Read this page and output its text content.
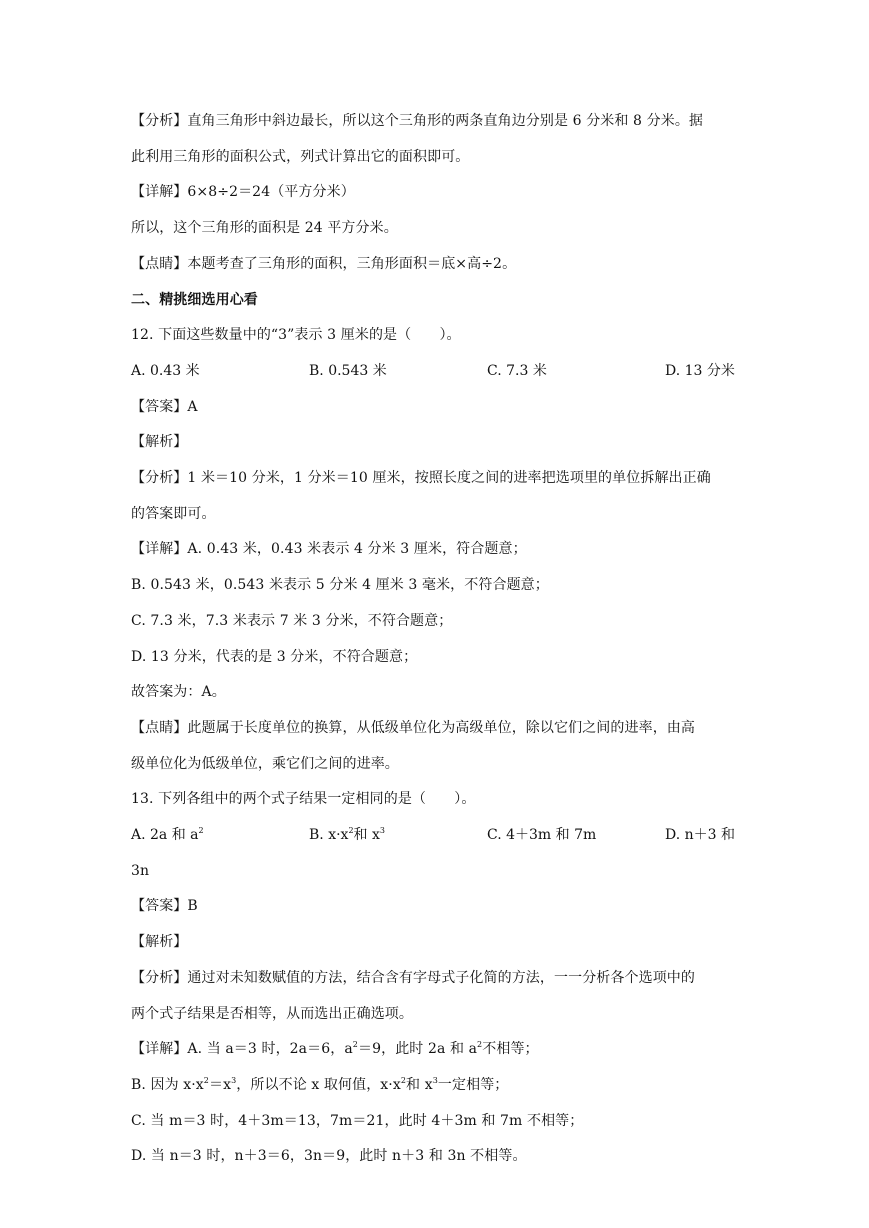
【分析】直角三角形中斜边最长，所以这个三角形的两条直角边分别是 6 分米和 8 分米。据
此利用三角形的面积公式，列式计算出它的面积即可。
【详解】6×8÷2＝24（平方分米）
所以，这个三角形的面积是 24 平方分米。
【点睛】本题考查了三角形的面积，三角形面积＝底×高÷2。
二、精挑细选用心看
12. 下面这些数量中的“3”表示 3 厘米的是（　　）。
A. 0.43 米	B. 0.543 米	C. 7.3 米	D. 13 分米
【答案】A
【解析】
【分析】1 米＝10 分米，1 分米＝10 厘米，按照长度之间的进率把选项里的单位拆解出正确
的答案即可。
【详解】A. 0.43 米，0.43 米表示 4 分米 3 厘米，符合题意；
B. 0.543 米，0.543 米表示 5 分米 4 厘米 3 毫米，不符合题意；
C. 7.3 米，7.3 米表示 7 米 3 分米，不符合题意；
D. 13 分米，代表的是 3 分米，不符合题意；
故答案为：A。
【点睛】此题属于长度单位的换算，从低级单位化为高级单位，除以它们之间的进率，由高
级单位化为低级单位，乘它们之间的进率。
13. 下列各组中的两个式子结果一定相同的是（　　）。
A. 2a 和 $a^2$	B. $x\cdot x^2$和 $x^3$	C. 4＋3m 和 7m	D. n＋3 和
3n
【答案】B
【解析】
【分析】通过对未知数赋值的方法，结合含有字母式子化简的方法，一一分析各个选项中的
两个式子结果是否相等，从而选出正确选项。
【详解】A. 当 a＝3 时，2a＝6，$a^2=9$，此时 2a 和 $a^2$不相等；
B. 因为 $x\cdot x^2=x^3$，所以不论 x 取何值，$x\cdot x^2$和 $x^3$一定相等；
C. 当 m＝3 时，4＋3m＝13，7m＝21，此时 4＋3m 和 7m 不相等；
D. 当 n＝3 时，n＋3＝6，3n＝9，此时 n＋3 和 3n 不相等。
